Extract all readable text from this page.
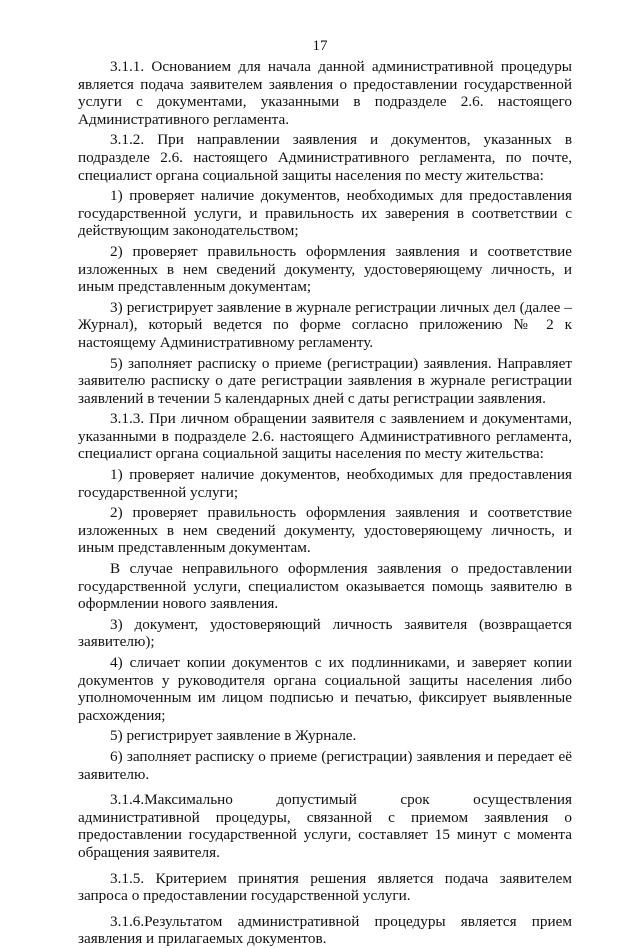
17

3.1.1. Основанием для начала данной административной процедуры является подача заявителем заявления о предоставлении государственной услуги с документами, указанными в подразделе 2.6. настоящего Административного регламента.

3.1.2. При направлении заявления и документов, указанных в подразделе 2.6. настоящего Административного регламента, по почте, специалист органа социальной защиты населения по месту жительства:

1) проверяет наличие документов, необходимых для предоставления государственной услуги, и правильность их заверения в соответствии с действующим законодательством;

2) проверяет правильность оформления заявления и соответствие изложенных в нем сведений документу, удостоверяющему личность, и иным представленным документам;

3) регистрирует заявление в журнале регистрации личных дел (далее – Журнал), который ведется по форме согласно приложению № 2 к настоящему Административному регламенту.

5) заполняет расписку о приеме (регистрации) заявления. Направляет заявителю расписку о дате регистрации заявления в журнале регистрации заявлений в течении 5 календарных дней с даты регистрации заявления.

3.1.3. При личном обращении заявителя с заявлением и документами, указанными в подразделе 2.6. настоящего Административного регламента, специалист органа социальной защиты населения по месту жительства:

1) проверяет наличие документов, необходимых для предоставления государственной услуги;

2) проверяет правильность оформления заявления и соответствие изложенных в нем сведений документу, удостоверяющему личность, и иным представленным документам.

В случае неправильного оформления заявления о предоставлении государственной услуги, специалистом оказывается помощь заявителю в оформлении нового заявления.

3) документ, удостоверяющий личность заявителя (возвращается заявителю);

4) сличает копии документов с их подлинниками, и заверяет копии документов у руководителя органа социальной защиты населения либо уполномоченным им лицом подписью и печатью, фиксирует выявленные расхождения;

5) регистрирует заявление в Журнале.

6) заполняет расписку о приеме (регистрации) заявления и передает её заявителю.

3.1.4.Максимально допустимый срок осуществления административной процедуры, связанной с приемом заявления о предоставлении государственной услуги, составляет 15 минут с момента обращения заявителя.

3.1.5. Критерием принятия решения является подача заявителем запроса о предоставлении государственной услуги.

3.1.6.Результатом административной процедуры является прием заявления и прилагаемых документов.
